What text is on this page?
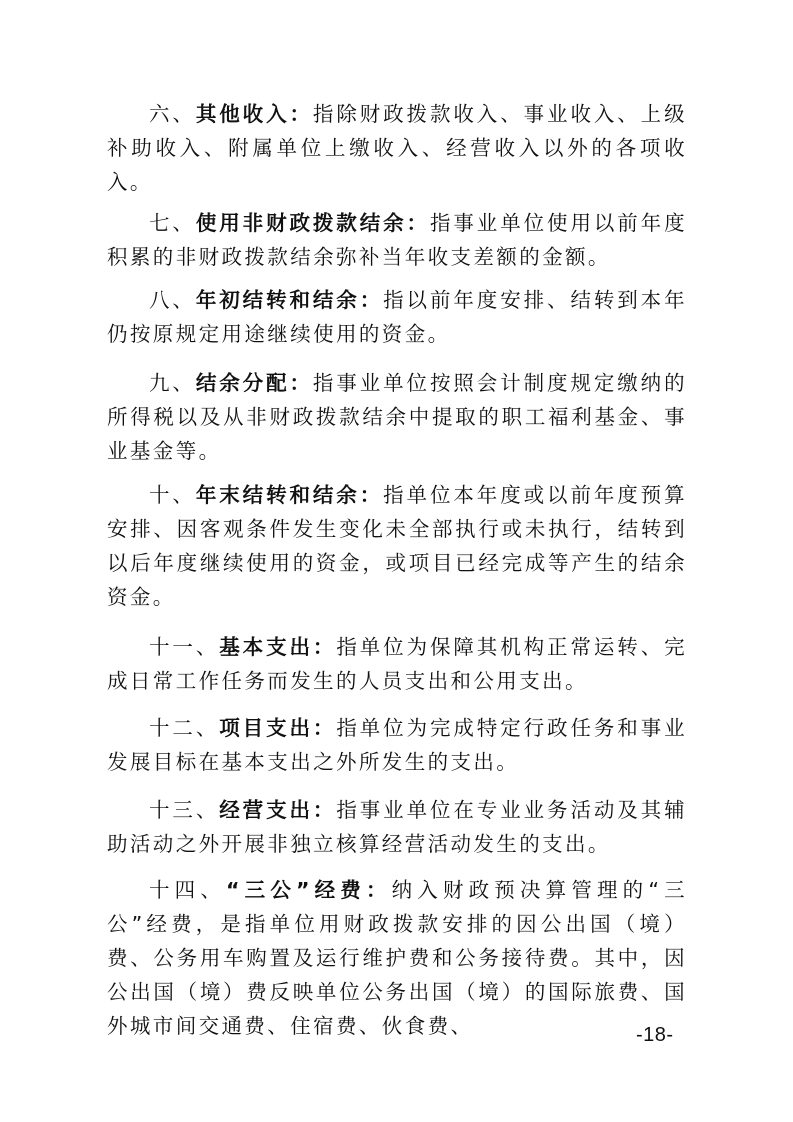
六、其他收入：指除财政拨款收入、事业收入、上级补助收入、附属单位上缴收入、经营收入以外的各项收入。

七、使用非财政拨款结余：指事业单位使用以前年度积累的非财政拨款结余弥补当年收支差额的金额。

八、年初结转和结余：指以前年度安排、结转到本年仍按原规定用途继续使用的资金。

九、结余分配：指事业单位按照会计制度规定缴纳的所得税以及从非财政拨款结余中提取的职工福利基金、事业基金等。

十、年末结转和结余：指单位本年度或以前年度预算安排、因客观条件发生变化未全部执行或未执行，结转到以后年度继续使用的资金，或项目已经完成等产生的结余资金。

十一、基本支出：指单位为保障其机构正常运转、完成日常工作任务而发生的人员支出和公用支出。

十二、项目支出：指单位为完成特定行政任务和事业发展目标在基本支出之外所发生的支出。

十三、经营支出：指事业单位在专业业务活动及其辅助活动之外开展非独立核算经营活动发生的支出。

十四、“三公”经费：纳入财政预决算管理的“三公”经费，是指单位用财政拨款安排的因公出国（境）费、公务用车购置及运行维护费和公务接待费。其中，因公出国（境）费反映单位公务出国（境）的国际旅费、国外城市间交通费、住宿费、伙食费、	-18-
